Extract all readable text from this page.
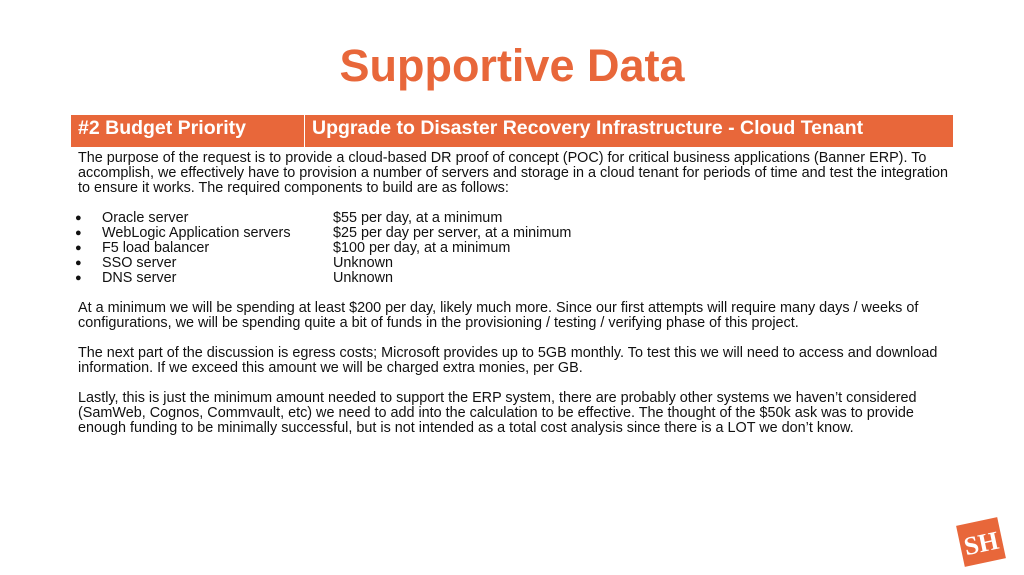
Supportive Data
#2 Budget Priority	Upgrade to Disaster Recovery Infrastructure - Cloud Tenant

The purpose of the request is to provide a cloud-based DR proof of concept (POC) for critical business applications (Banner ERP). To accomplish, we effectively have to provision a number of servers and storage in a cloud tenant for periods of time and test the integration to ensure it works. The required components to build are as follows:

● Oracle server	$55 per day, at a minimum
● WebLogic Application servers	$25 per day per server, at a minimum
● F5 load balancer	$100 per day, at a minimum
● SSO server	Unknown
● DNS server	Unknown

At a minimum we will be spending at least $200 per day, likely much more. Since our first attempts will require many days / weeks of configurations, we will be spending quite a bit of funds in the provisioning / testing / verifying phase of this project.

The next part of the discussion is egress costs; Microsoft provides up to 5GB monthly. To test this we will need to access and download information. If we exceed this amount we will be charged extra monies, per GB.

Lastly, this is just the minimum amount needed to support the ERP system, there are probably other systems we haven’t considered (SamWeb, Cognos, Commvault, etc) we need to add into the calculation to be effective. The thought of the $50k ask was to provide enough funding to be minimally successful, but is not intended as a total cost analysis since there is a LOT we don’t know.

SH
